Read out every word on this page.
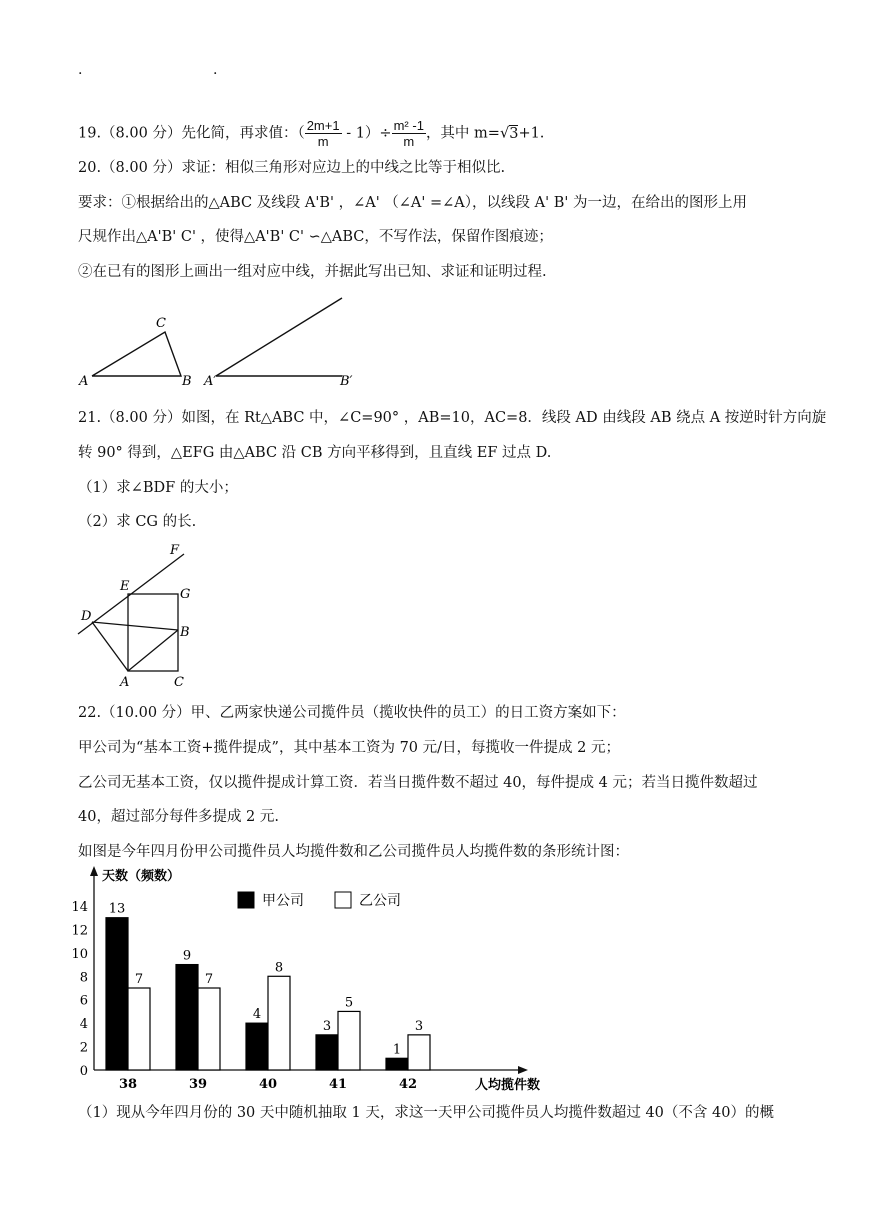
.	.
19.（8.00 分）先化简，再求值：（ $\frac{2m+1}{m} - 1)\div \frac{\text{m² -1}}{m}$ ，其中 m=√3+1.
20.（8.00 分）求证：相似三角形对应边上的中线之比等于相似比.
要求：①根据给出的△ABC 及线段 A'B' ，∠A' （∠A' =∠A），以线段 A' B' 为一边，在给出的图形上用
尺规作出△A'B' C' ，使得△A'B' C' ∽△ABC，不写作法，保留作图痕迹；
②在已有的图形上画出一组对应中线，并据此写出已知、求证和证明过程.
A	B
C
A′	B′
21.（8.00 分）如图，在 Rt△ABC 中，∠C=90° ，AB=10，AC=8．线段 AD 由线段 AB 绕点 A 按逆时针方向旋
转 90° 得到，△EFG 由△ABC 沿 CB 方向平移得到，且直线 EF 过点 D.
（1）求∠BDF 的大小；
（2）求 CG 的长.
F
E
G
D
B
A	C
22.（10.00 分）甲、乙两家快递公司揽件员（揽收快件的员工）的日工资方案如下：
甲公司为“基本工资+揽件提成”，其中基本工资为 70 元/日，每揽收一件提成 2 元；
乙公司无基本工资，仅以揽件提成计算工资．若当日揽件数不超过 40，每件提成 4 元；若当日揽件数超过
40，超过部分每件多提成 2 元.
如图是今年四月份甲公司揽件员人均揽件数和乙公司揽件员人均揽件数的条形统计图：
天数（频数）
人均揽件数
甲公司	乙公司
0
2
4
6
8
10
12
14 13
7
38
9
7
39
4
8
40
3
5
41
1
3
42
（1）现从今年四月份的 30 天中随机抽取 1 天，求这一天甲公司揽件员人均揽件数超过 40（不含 40）的概
